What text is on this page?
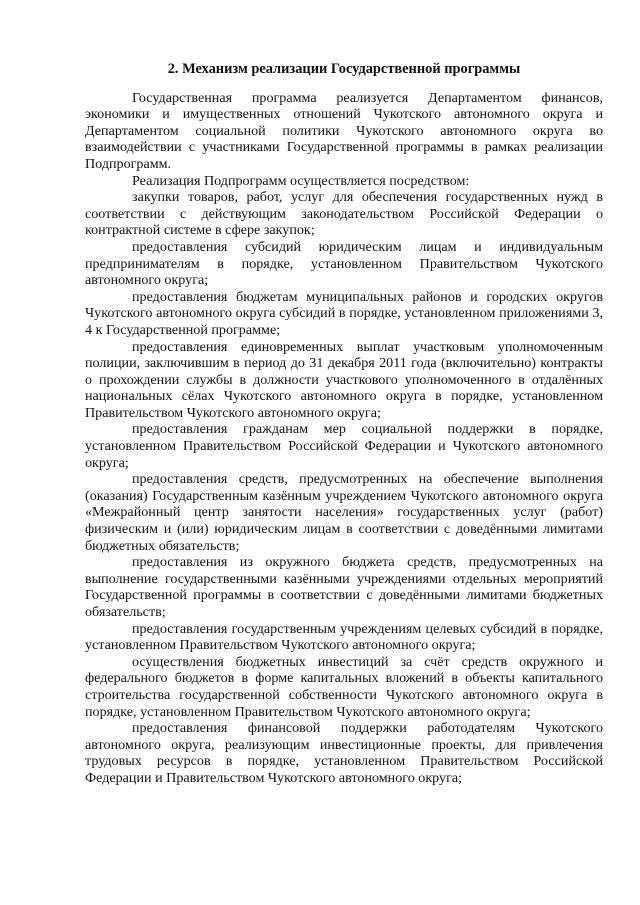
2. Механизм реализации Государственной программы

Государственная программа реализуется Департаментом финансов, экономики и имущественных отношений Чукотского автономного округа и Департаментом социальной политики Чукотского автономного округа во взаимодействии с участниками Государственной программы в рамках реализации Подпрограмм.

Реализация Подпрограмм осуществляется посредством:

закупки товаров, работ, услуг для обеспечения государственных нужд в соответствии с действующим законодательством Российской Федерации о контрактной системе в сфере закупок;

предоставления субсидий юридическим лицам и индивидуальным предпринимателям в порядке, установленном Правительством Чукотского автономного округа;

предоставления бюджетам муниципальных районов и городских округов Чукотского автономного округа субсидий в порядке, установленном приложениями 3, 4 к Государственной программе;

предоставления единовременных выплат участковым уполномоченным полиции, заключившим в период до 31 декабря 2011 года (включительно) контракты о прохождении службы в должности участкового уполномоченного в отдалённых национальных сёлах Чукотского автономного округа в порядке, установленном Правительством Чукотского автономного округа;

предоставления гражданам мер социальной поддержки в порядке, установленном Правительством Российской Федерации и Чукотского автономного округа;

предоставления средств, предусмотренных на обеспечение выполнения (оказания) Государственным казённым учреждением Чукотского автономного округа «Межрайонный центр занятости населения» государственных услуг (работ) физическим и (или) юридическим лицам в соответствии с доведёнными лимитами бюджетных обязательств;

предоставления из окружного бюджета средств, предусмотренных на выполнение государственными казёнными учреждениями отдельных мероприятий Государственной программы в соответствии с доведёнными лимитами бюджетных обязательств;

предоставления государственным учреждениям целевых субсидий в порядке, установленном Правительством Чукотского автономного округа;

осуществления бюджетных инвестиций за счёт средств окружного и федерального бюджетов в форме капитальных вложений в объекты капитального строительства государственной собственности Чукотского автономного округа в порядке, установленном Правительством Чукотского автономного округа;

предоставления финансовой поддержки работодателям Чукотского автономного округа, реализующим инвестиционные проекты, для привлечения трудовых ресурсов в порядке, установленном Правительством Российской Федерации и Правительством Чукотского автономного округа;
